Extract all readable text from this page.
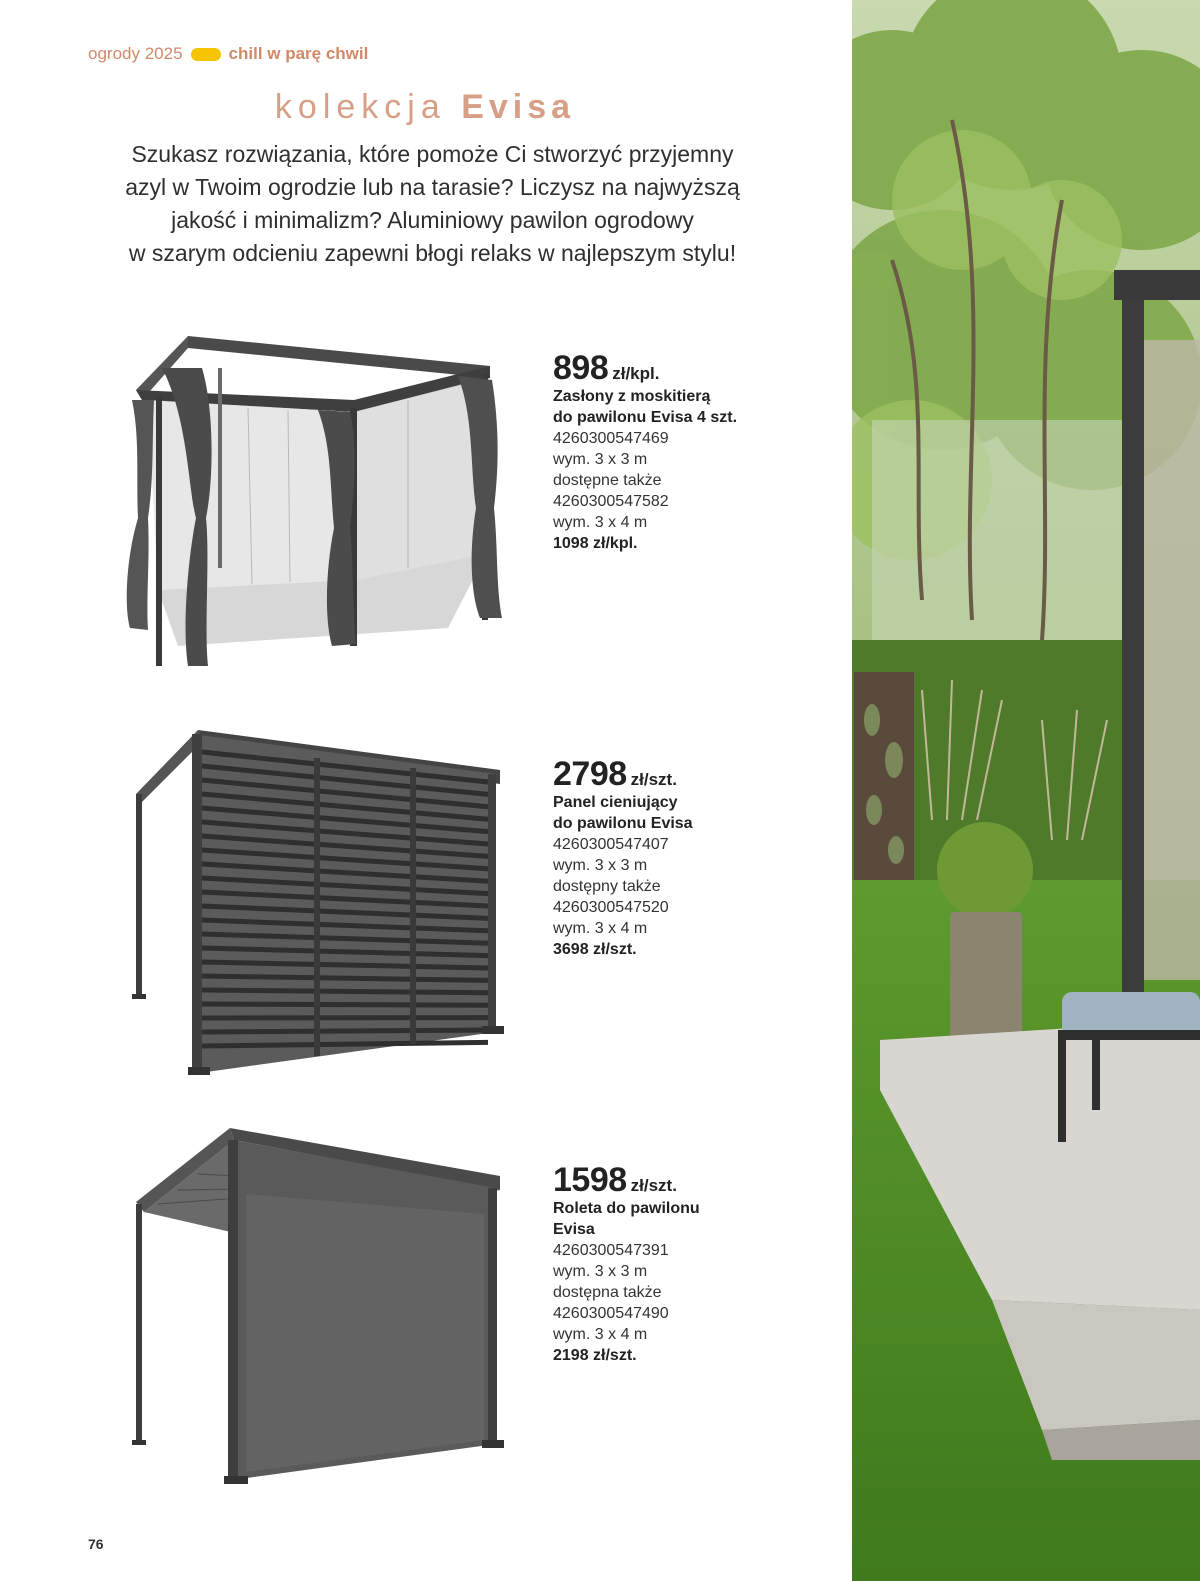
ogrody 2025	chill w parę chwil
kolekcja Evisa
Szukasz rozwiązania, które pomoże Ci stworzyć przyjemny
azyl w Twoim ogrodzie lub na tarasie? Liczysz na najwyższą
jakość i minimalizm? Aluminiowy pawilon ogrodowy
w szarym odcieniu zapewni błogi relaks w najlepszym stylu!
898 zł/kpl.
Zasłony z moskitierą
do pawilonu Evisa 4 szt.
4260300547469
wym. 3 x 3 m
dostępne także
4260300547582
wym. 3 x 4 m
1098 zł/kpl.
2798 zł/szt.
Panel cieniujący
do pawilonu Evisa
4260300547407
wym. 3 x 3 m
dostępny także
4260300547520
wym. 3 x 4 m
3698 zł/szt.
1598 zł/szt.
Roleta do pawilonu
Evisa
4260300547391
wym. 3 x 3 m
dostępna także
4260300547490
wym. 3 x 4 m
2198 zł/szt.
76
